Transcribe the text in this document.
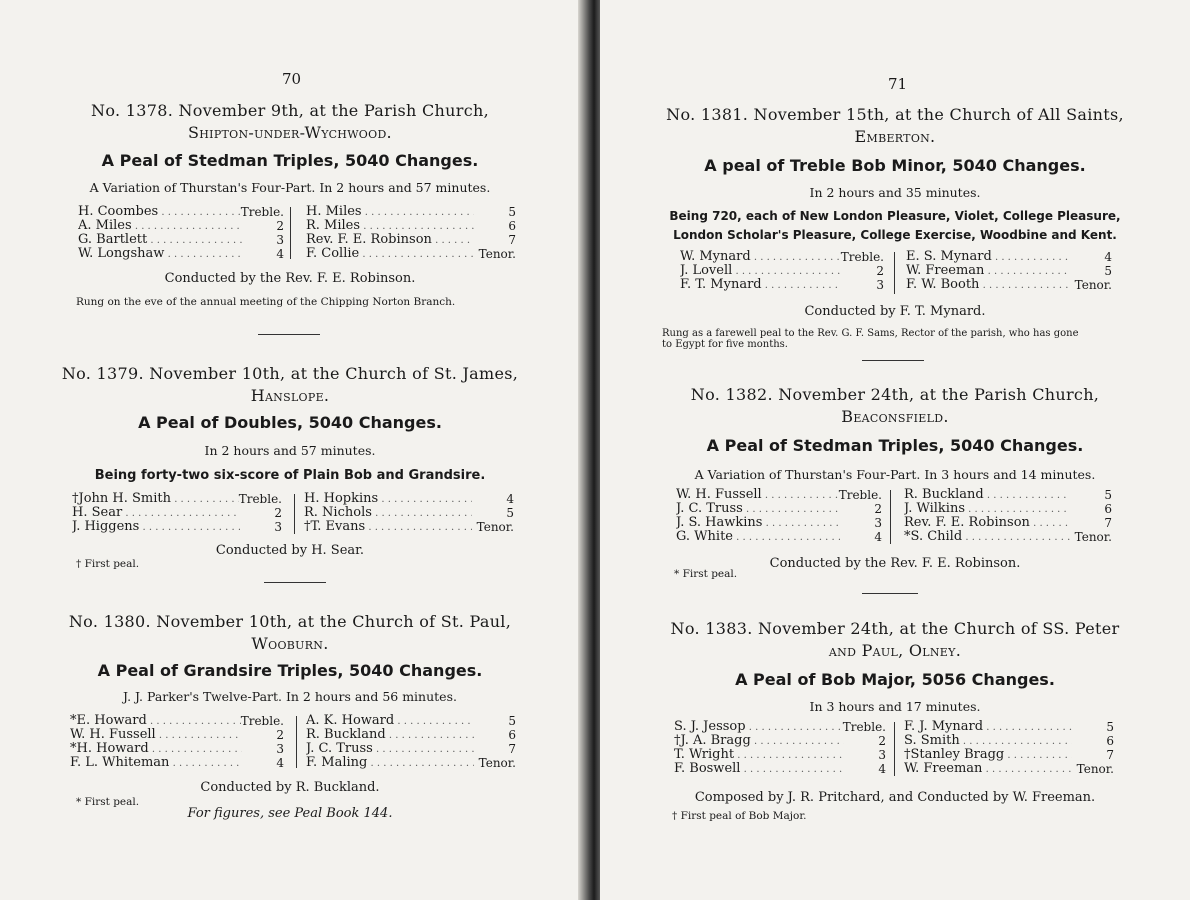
70
No. 1378. November 9th, at the Parish Church,
Shipton-under-Wychwood.
A Peal of Stedman Triples, 5040 Changes.
A Variation of Thurstan's Four-Part. In 2 hours and 57 minutes.
H. Coombes . . .	Treble.
A. Miles . . .	2
G. Bartlett . . .	3
W. Longshaw . . .	4
H. Miles . . .	5
R. Miles . . .	6
Rev. F. E. Robinson . . .	7
F. Collie . . .	Tenor.
Conducted by the Rev. F. E. Robinson.
Rung on the eve of the annual meeting of the Chipping Norton Branch.
No. 1379. November 10th, at the Church of St. James,
Hanslope.
A Peal of Doubles, 5040 Changes.
In 2 hours and 57 minutes.
Being forty-two six-score of Plain Bob and Grandsire.
†John H. Smith . . .	Treble.
H. Sear . . .	2
J. Higgens . . .	3
H. Hopkins . . .	4
R. Nichols . . .	5
†T. Evans . . .	Tenor.
Conducted by H. Sear.
† First peal.
No. 1380. November 10th, at the Church of St. Paul,
Wooburn.
A Peal of Grandsire Triples, 5040 Changes.
J. J. Parker's Twelve-Part. In 2 hours and 56 minutes.
*E. Howard . . .	Treble.
W. H. Fussell . . .	2
*H. Howard . . .	3
F. L. Whiteman . . .	4
A. K. Howard . . .	5
R. Buckland . . .	6
J. C. Truss . . .	7
F. Maling . . .	Tenor.
Conducted by R. Buckland.
* First peal.
For figures, see Peal Book 144.
71
No. 1381. November 15th, at the Church of All Saints,
Emberton.
A peal of Treble Bob Minor, 5040 Changes.
In 2 hours and 35 minutes.
Being 720, each of New London Pleasure, Violet, College Pleasure,
London Scholar's Pleasure, College Exercise, Woodbine and Kent.
W. Mynard . . .	Treble.
J. Lovell . . .	2
F. T. Mynard . . .	3
E. S. Mynard . . .	4
W. Freeman . . .	5
F. W. Booth . . .	Tenor.
Conducted by F. T. Mynard.
Rung as a farewell peal to the Rev. G. F. Sams, Rector of the parish, who has gone
to Egypt for five months.
No. 1382. November 24th, at the Parish Church,
Beaconsfield.
A Peal of Stedman Triples, 5040 Changes.
A Variation of Thurstan's Four-Part. In 3 hours and 14 minutes.
W. H. Fussell . . .	Treble.
J. C. Truss . . .	2
J. S. Hawkins . . .	3
G. White . . .	4
R. Buckland . . .	5
J. Wilkins . . .	6
Rev. F. E. Robinson . . .	7
*S. Child . . .	Tenor.
Conducted by the Rev. F. E. Robinson.
* First peal.
No. 1383. November 24th, at the Church of SS. Peter
and Paul, Olney.
A Peal of Bob Major, 5056 Changes.
In 3 hours and 17 minutes.
S. J. Jessop . . .	Treble.
†J. A. Bragg . . .	2
T. Wright . . .	3
F. Boswell . . .	4
F. J. Mynard . . .	5
S. Smith . . .	6
†Stanley Bragg . . .	7
W. Freeman . . .	Tenor.
Composed by J. R. Pritchard, and Conducted by W. Freeman.
† First peal of Bob Major.
